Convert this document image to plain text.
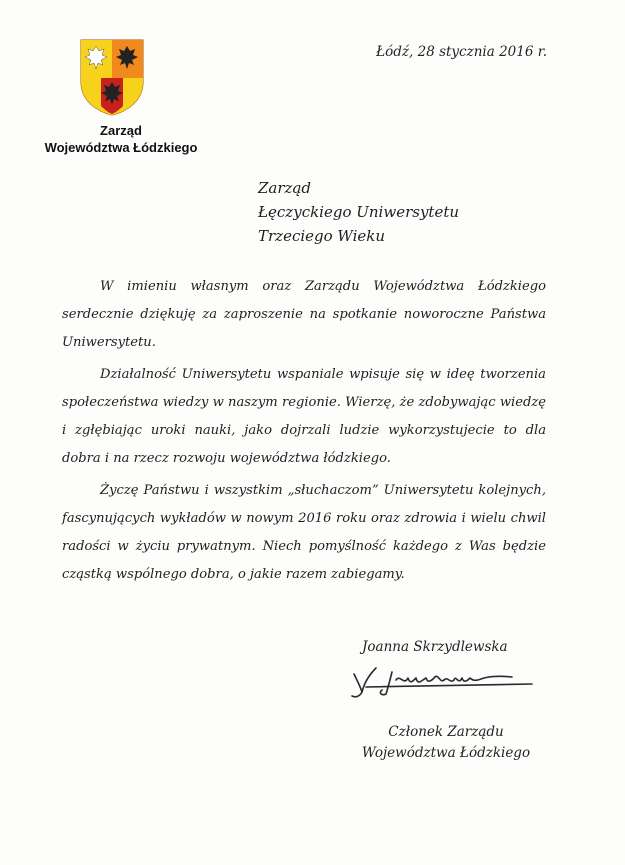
Zarząd
Województwa Łódzkiego
Łódź, 28 stycznia 2016 r.
Zarząd
Łęczyckiego Uniwersytetu
Trzeciego Wieku

W imieniu własnym oraz Zarządu Województwa Łódzkiego serdecznie dziękuję za zaproszenie na spotkanie noworoczne Państwa Uniwersytetu.

Działalność Uniwersytetu wspaniale wpisuje się w ideę tworzenia społeczeństwa wiedzy w naszym regionie. Wierzę, że zdobywając wiedzę i zgłębiając uroki nauki, jako dojrzali ludzie wykorzystujecie to dla dobra i na rzecz rozwoju województwa łódzkiego.

Życzę Państwu i wszystkim „słuchaczom” Uniwersytetu kolejnych, fascynujących wykładów w nowym 2016 roku oraz zdrowia i wielu chwil radości w życiu prywatnym. Niech pomyślność każdego z Was będzie cząstką wspólnego dobra, o jakie razem zabiegamy.

Joanna Skrzydlewska
Członek Zarządu
Województwa Łódzkiego
